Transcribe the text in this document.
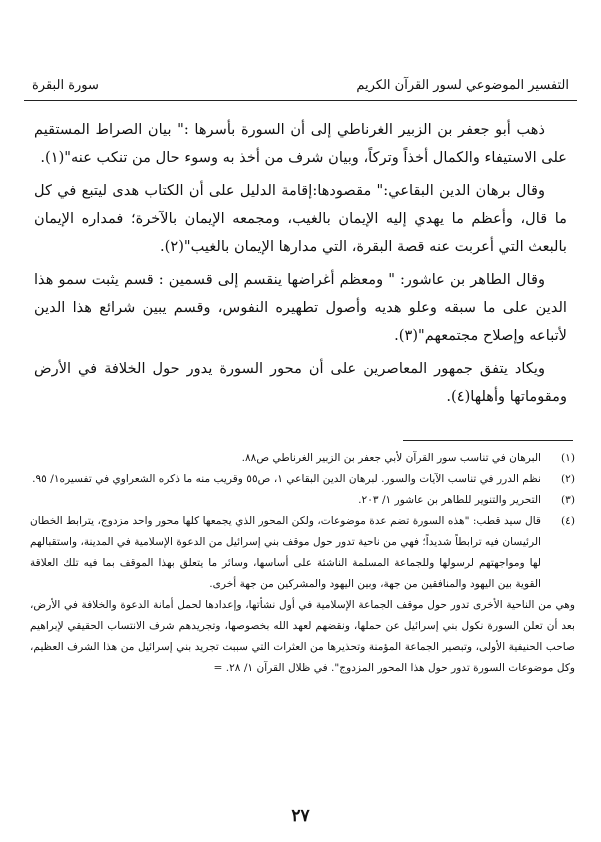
التفسير الموضوعي لسور القرآن الكريم
سورة البقرة

ذهب أبو جعفر بن الزبير الغرناطي إلى أن السورة بأسرها :" بيان الصراط المستقيم على الاستيفاء والكمال أخذاً وتركاً، وبيان شرف من أخذ به وسوء حال من تنكب عنه"(١).

وقال برهان الدين البقاعي:" مقصودها:إقامة الدليل على أن الكتاب هدى ليتبع في كل ما قال، وأعظم ما يهدي إليه الإيمان بالغيب، ومجمعه الإيمان بالآخرة؛ فمداره الإيمان بالبعث التي أعربت عنه قصة البقرة، التي مدارها الإيمان بالغيب"(٢).

وقال الطاهر بن عاشور: " ومعظم أغراضها ينقسم إلى قسمين : قسم يثبت سمو هذا الدين على ما سبقه وعلو هديه وأصول تطهيره النفوس، وقسم يبين شرائع هذا الدين لأتباعه وإصلاح مجتمعهم"(٣).

ويكاد يتفق جمهور المعاصرين على أن محور السورة يدور حول الخلافة في الأرض ومقوماتها وأهلها(٤).

(١)
البرهان في تناسب سور القرآن لأبي جعفر بن الزبير الغرناطي ص٨٨.
(٢)
نظم الدرر في تناسب الآيات والسور. لبرهان الدين البقاعي ١، ص٥٥ وقريب منه ما ذكره الشعراوي في تفسيره١/ ٩٥.
(٣)
التحرير والتنوير للطاهر بن عاشور ١/ ٢٠٣.
(٤)
قال سيد قطب: "هذه السورة تضم عدة موضوعات، ولكن المحور الذي يجمعها كلها محور واحد مزدوج، يترابط الخطان الرئيسان فيه ترابطاً شديداً؛ فهي من ناحية تدور حول موقف بني إسرائيل من الدعوة الإسلامية في المدينة، واستقبالهم لها ومواجهتهم لرسولها وللجماعة المسلمة الناشئة على أساسها، وسائر ما يتعلق بهذا الموقف بما فيه تلك العلاقة القوية بين اليهود والمنافقين من جهة، وبين اليهود والمشركين من جهة أخرى.

وهي من الناحية الأخرى تدور حول موقف الجماعة الإسلامية في أول نشأتها، وإعدادها لحمل أمانة الدعوة والخلافة في الأرض، بعد أن تعلن السورة نكول بني إسرائيل عن حملها، ونقضهم لعهد الله بخصوصها، وتجريدهم شرف الانتساب الحقيقي لإبراهيم صاحب الحنيفية الأولى، وتبصير الجماعة المؤمنة وتحذيرها من العثرات التي سببت تجريد بني إسرائيل من هذا الشرف العظيم، وكل موضوعات السورة تدور حول هذا المحور المزدوج". في ظلال القرآن ١/ ٢٨. =

٢٧
